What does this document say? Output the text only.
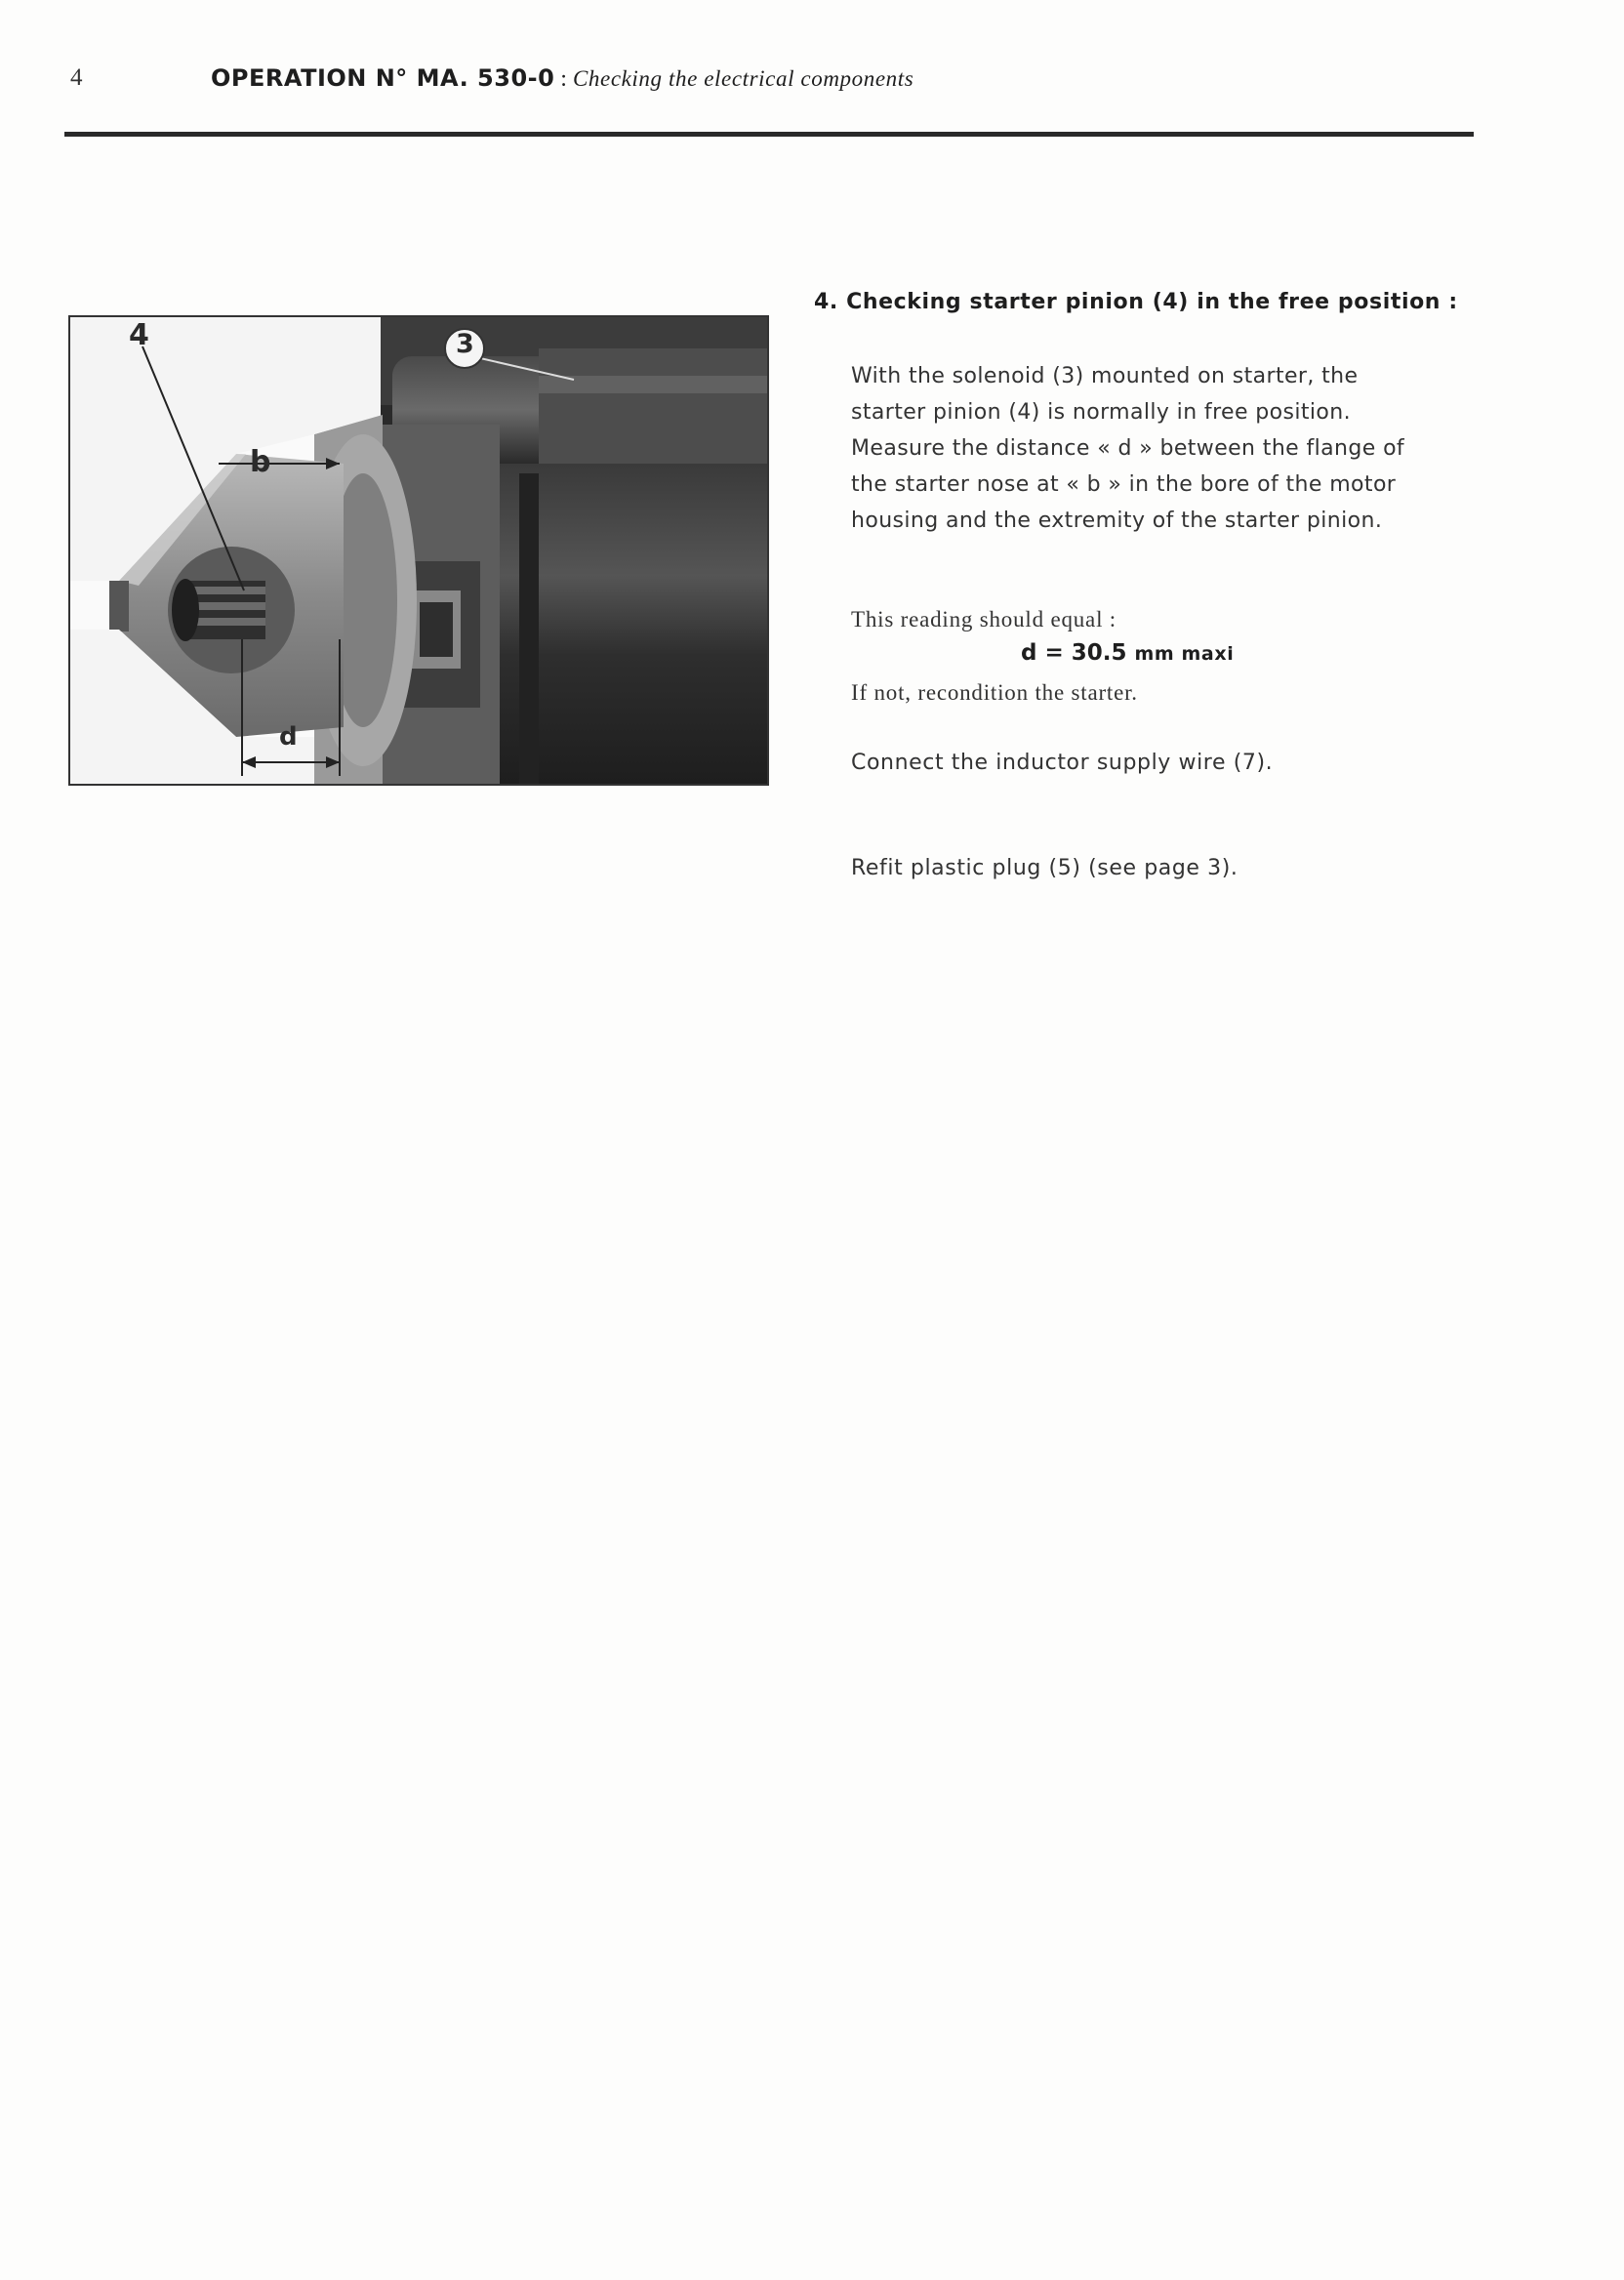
4	OPERATION N° MA. 530-0 : Checking the electrical components
4
b
3
d
4. Checking starter pinion (4) in the free position :

With the solenoid (3) mounted on starter, the starter pinion (4) is normally in free position. Measure the distance « d » between the flange of the starter nose at « b » in the bore of the motor housing and the extremity of the starter pinion.

This reading should equal :
d = 30.5 mm maxi
If not, recondition the starter.
Connect the inductor supply wire (7).
Refit plastic plug (5) (see page 3).
